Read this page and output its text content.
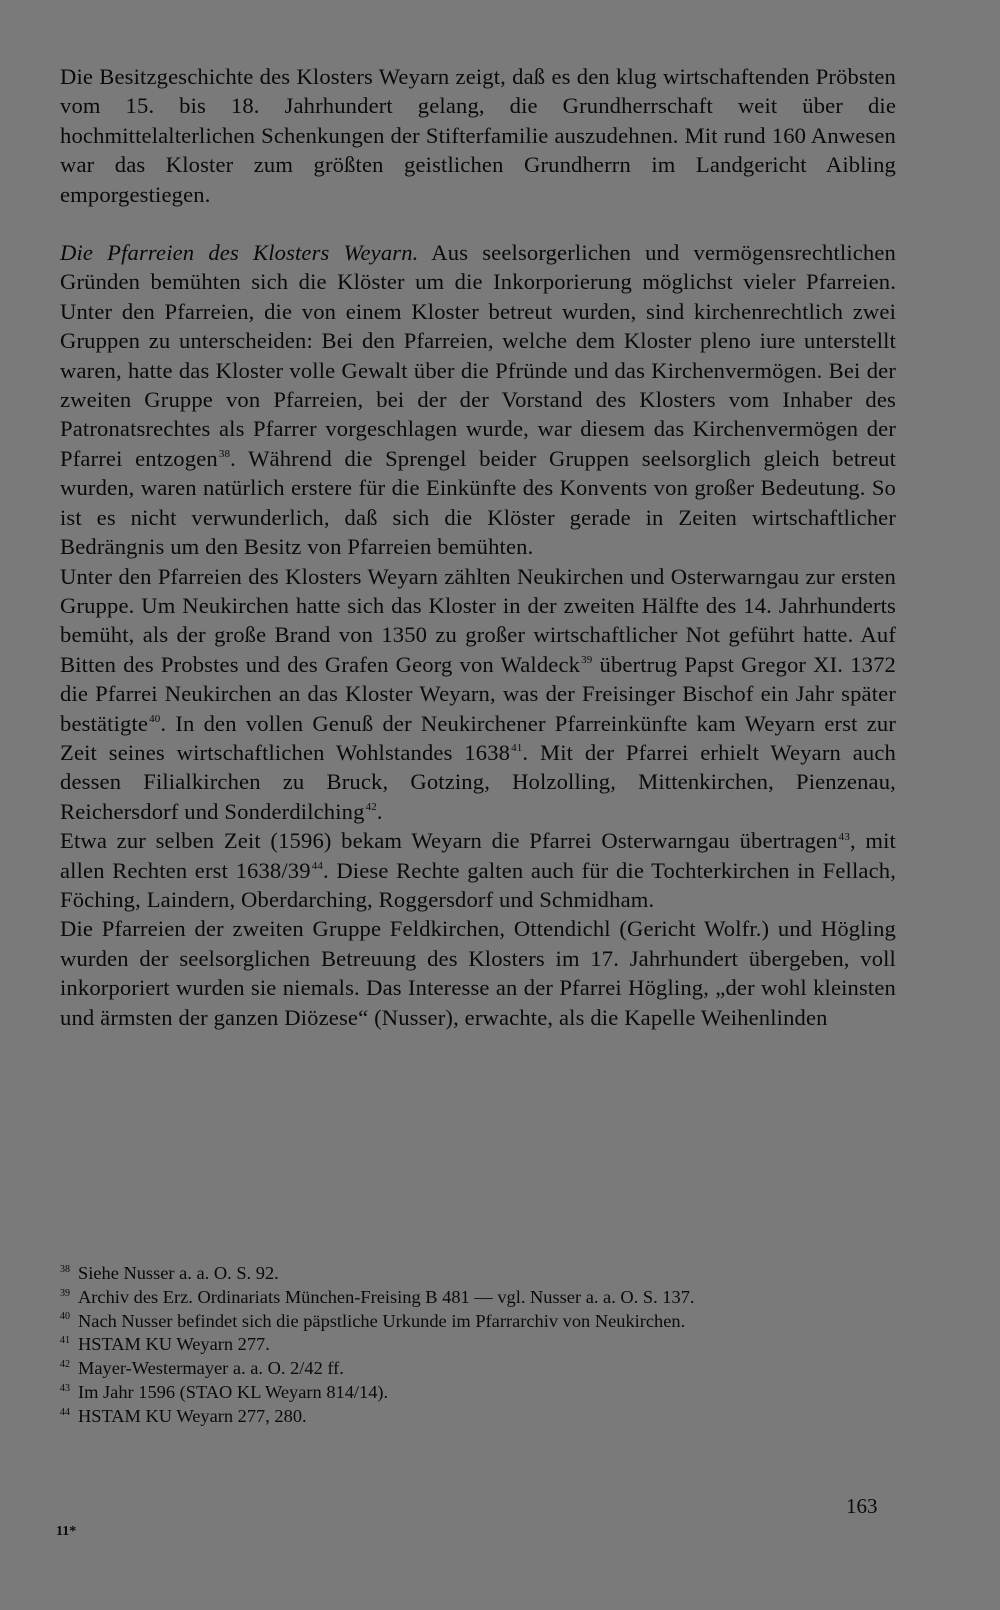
Die Besitzgeschichte des Klosters Weyarn zeigt, daß es den klug wirtschaftenden Pröbsten vom 15. bis 18. Jahrhundert gelang, die Grundherrschaft weit über die hochmittelalterlichen Schenkungen der Stifterfamilie auszudehnen. Mit rund 160 Anwesen war das Kloster zum größten geistlichen Grundherrn im Landgericht Aibling emporgestiegen.

Die Pfarreien des Klosters Weyarn. Aus seelsorgerlichen und vermögensrechtlichen Gründen bemühten sich die Klöster um die Inkorporierung möglichst vieler Pfarreien. Unter den Pfarreien, die von einem Kloster betreut wurden, sind kirchenrechtlich zwei Gruppen zu unterscheiden: Bei den Pfarreien, welche dem Kloster pleno iure unterstellt waren, hatte das Kloster volle Gewalt über die Pfründe und das Kirchenvermögen. Bei der zweiten Gruppe von Pfarreien, bei der der Vorstand des Klosters vom Inhaber des Patronatsrechtes als Pfarrer vorgeschlagen wurde, war diesem das Kirchenvermögen der Pfarrei entzogen$^{38}$. Während die Sprengel beider Gruppen seelsorglich gleich betreut wurden, waren natürlich erstere für die Einkünfte des Konvents von großer Bedeutung. So ist es nicht verwunderlich, daß sich die Klöster gerade in Zeiten wirtschaftlicher Bedrängnis um den Besitz von Pfarreien bemühten.

Unter den Pfarreien des Klosters Weyarn zählten Neukirchen und Osterwarngau zur ersten Gruppe. Um Neukirchen hatte sich das Kloster in der zweiten Hälfte des 14. Jahrhunderts bemüht, als der große Brand von 1350 zu großer wirtschaftlicher Not geführt hatte. Auf Bitten des Probstes und des Grafen Georg von Waldeck$^{39}$ übertrug Papst Gregor XI. 1372 die Pfarrei Neukirchen an das Kloster Weyarn, was der Freisinger Bischof ein Jahr später bestätigte$^{40}$. In den vollen Genuß der Neukirchener Pfarreinkünfte kam Weyarn erst zur Zeit seines wirtschaftlichen Wohlstandes 1638$^{41}$. Mit der Pfarrei erhielt Weyarn auch dessen Filialkirchen zu Bruck, Gotzing, Holzolling, Mittenkirchen, Pienzenau, Reichersdorf und Sonderdilching$^{42}$.

Etwa zur selben Zeit (1596) bekam Weyarn die Pfarrei Osterwarngau übertragen$^{43}$, mit allen Rechten erst $1638/39^{44}$. Diese Rechte galten auch für die Tochterkirchen in Fellach, Föching, Laindern, Oberdarching, Roggersdorf und Schmidham.

Die Pfarreien der zweiten Gruppe Feldkirchen, Ottendichl (Gericht Wolfr.) und Högling wurden der seelsorglichen Betreuung des Klosters im 17. Jahrhundert übergeben, voll inkorporiert wurden sie niemals. Das Interesse an der Pfarrei Högling, „der wohl kleinsten und ärmsten der ganzen Diözese“ (Nusser), erwachte, als die Kapelle Weihenlinden

$^{38}$ Siehe Nusser a. a. O. S. 92.

$^{39}$ Archiv des Erz. Ordinariats München-Freising B 481 — vgl. Nusser a. a. O. S. 137.

$^{40}$ Nach Nusser befindet sich die päpstliche Urkunde im Pfarrarchiv von Neukirchen.

$^{41}$ HSTAM KU Weyarn 277.

$^{42}$ Mayer-Westermayer a. a. O. 2/42 ff.

$^{43}$ Im Jahr 1596 (STAO KL Weyarn 814/14).

$^{44}$ HSTAM KU Weyarn 277, 280.

163
11*
